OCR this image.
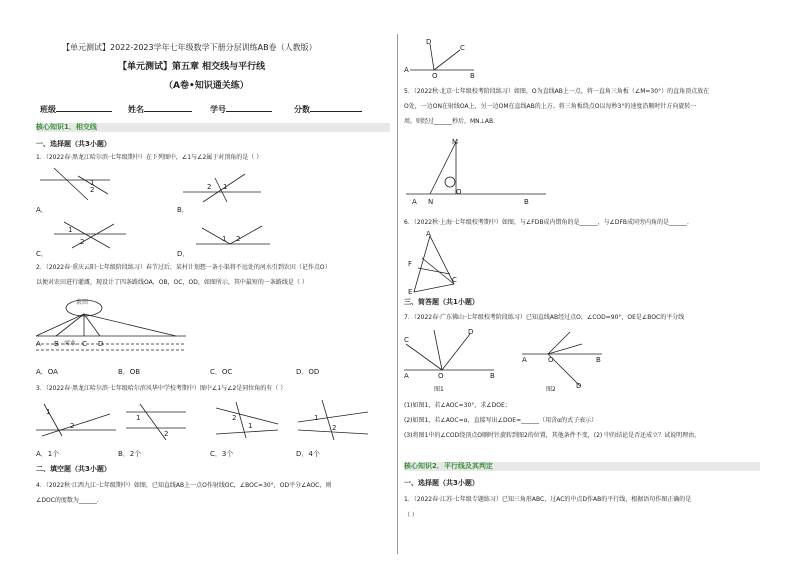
【单元测试】2022-2023学年七年级数学下册分层训练AB卷（人教版）
【单元测试】第五章 相交线与平行线
（A卷•知识通关练）
班级	姓名	学号	分数
核心知识1．相交线
一、选择题（共3小题）
1．（2022春·黑龙江哈尔滨·七年级期中）在下列图中，∠1与∠2属于对顶角的是（ ）
1
2
A．
2 1
B．
1
2
C．
1 2
D．
2．（2022春·重庆云阳·七年级阶段练习）春节过后，某村计划想一条小渠将不远处的河水引到农田（记作点O）
以便对农田进行灌溉，现设计了四条路线OA，OB，OC，OD，如图所示，其中最短的一条路线是（ ）
A B	C D
农田
河水
A．OA	B．OB	C．OC	D．OD
3．（2022春·黑龙江哈尔滨·七年级哈尔滨风华中学校考期中）图中∠1与∠2是同位角的有（ ）
1
2
1
2
2
1
1
2
A．1个	B．2个	C．3个	D．4个
二、填空题（共3小题）
4．（2022秋·江西九江·七年级期中）如图，已知直线AB上一点O作射线OC，∠BOC=30°，OD平分∠AOC，则
∠DOC的度数为______.
D
C
A
O	B
5．（2022秋·北京·七年级校考阶段练习）如图，O为直线AB上一点，将一直角三角板（∠M=30°）的直角顶点放在
O处，一边ON在射线OA上，另一边OM在直线AB的上方。将三角板绕点O以每秒3°的速度沿顺时针方向旋转一
周。则经过______秒后，MN⊥AB．
M
A N
O
B
6．（2022秋·上海·七年级校考期中）如图，与∠FDB成内错角的是______，与∠DFB成同旁内角的是______．
A
F
E
C
三、简答题（共1小题）
7．（2022春·广东佛山·七年级校考阶段练习）已知直线AB经过点O，∠COD=90°，OE是∠BOC的平分线
C
D
A	O	B
图1
A	O	B
D
图2
(1)如图1，若∠AOC=30°，求∠DOE；
(2)如图1，若∠AOC=α，直接写出∠DOE=______（用含α的式子表示）
(3)将图1中的∠COD绕顶点O顺时针旋转到图2的位置，其他条件不变，(2) 中的结论是否还成立？试说明理由。
核心知识2．平行线及其判定
一、选择题（共3小题）
1．（2022春·江苏·七年级专题练习）已知三角形ABC，过AC的中点D作AB的平行线，根据语句作图正确的是
（ ）
